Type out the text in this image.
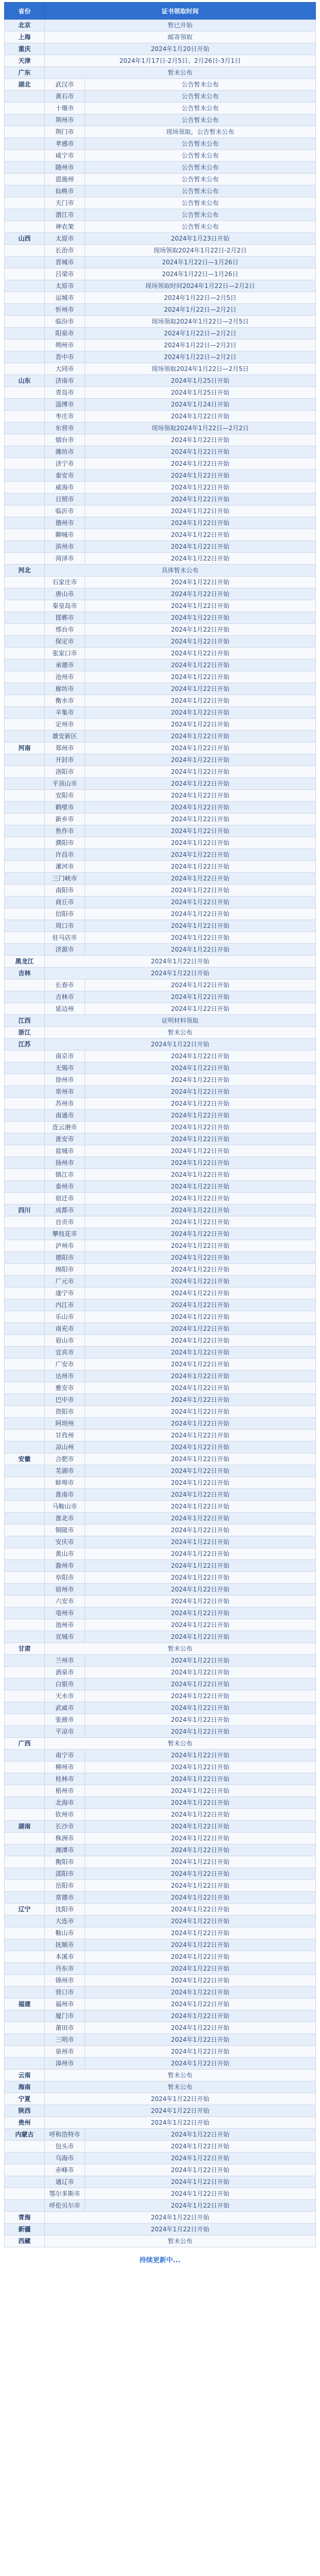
省份	证书领取时间	
北京	暂已开始	
上海	邮寄领取	
重庆	2024年1月20日开始	
天津	2024年1月17日-2月5日、2月26日-3月1日	
广东	暂未公布	
湖北	武汉市	公告暂未公布
	黄石市	公告暂未公布
	十堰市	公告暂未公布
	荆州市	公告暂未公布
	荆门市	现场领取，公告暂未公布
	孝感市	公告暂未公布
	咸宁市	公告暂未公布
	随州市	公告暂未公布
	恩施州	公告暂未公布
	仙桃市	公告暂未公布
	天门市	公告暂未公布
	潜江市	公告暂未公布
	神农架	公告暂未公布
山西	太原市	2024年1月23日开始
	长治市	现场领取2024年1月22日-2月2日
	晋城市	2024年1月22日—1月26日
	吕梁市	2024年1月22日—1月26日
	太原市	现场领取时间2024年1月22日—2月2日
	运城市	2024年1月22日—2月5日
	忻州市	2024年1月22日—2月2日
	临汾市	现场领取2024年1月22日—2月5日
	阳泉市	2024年1月22日—2月2日
	朔州市	2024年1月22日—2月2日
	晋中市	2024年1月22日—2月2日
	大同市	现场领取2024年1月22日—2月5日
山东	济南市	2024年1月25日开始
	青岛市	2024年1月25日开始
	淄博市	2024年1月24日开始
	枣庄市	2024年1月22日开始
	东营市	现场领取2024年1月22日—2月2日
	烟台市	2024年1月22日开始
	潍坊市	2024年1月22日开始
	济宁市	2024年1月22日开始
	泰安市	2024年1月22日开始
	威海市	2024年1月22日开始
	日照市	2024年1月22日开始
	临沂市	2024年1月22日开始
	德州市	2024年1月22日开始
	聊城市	2024年1月22日开始
	滨州市	2024年1月22日开始
	菏泽市	2024年1月22日开始
河北	具体暂未公布	
	石家庄市	2024年1月22日开始
	唐山市	2024年1月22日开始
	秦皇岛市	2024年1月22日开始
	邯郸市	2024年1月22日开始
	邢台市	2024年1月22日开始
	保定市	2024年1月22日开始
	张家口市	2024年1月22日开始
	承德市	2024年1月22日开始
	沧州市	2024年1月22日开始
	廊坊市	2024年1月22日开始
	衡水市	2024年1月22日开始
	辛集市	2024年1月22日开始
	定州市	2024年1月22日开始
	雄安新区	2024年1月22日开始
河南	郑州市	2024年1月22日开始
	开封市	2024年1月22日开始
	洛阳市	2024年1月22日开始
	平顶山市	2024年1月22日开始
	安阳市	2024年1月22日开始
	鹤壁市	2024年1月22日开始
	新乡市	2024年1月22日开始
	焦作市	2024年1月22日开始
	濮阳市	2024年1月22日开始
	许昌市	2024年1月22日开始
	漯河市	2024年1月22日开始
	三门峡市	2024年1月22日开始
	南阳市	2024年1月22日开始
	商丘市	2024年1月22日开始
	信阳市	2024年1月22日开始
	周口市	2024年1月22日开始
	驻马店市	2024年1月22日开始
	济源市	2024年1月22日开始
黑龙江	2024年1月22日开始	
吉林	2024年1月22日开始	
	长春市	2024年1月22日开始
	吉林市	2024年1月22日开始
	延边州	2024年1月22日开始
江西	证明材料领取	
浙江	暂未公布	
江苏	2024年1月22日开始	
	南京市	2024年1月22日开始
	无锡市	2024年1月22日开始
	徐州市	2024年1月22日开始
	常州市	2024年1月22日开始
	苏州市	2024年1月22日开始
	南通市	2024年1月22日开始
	连云港市	2024年1月22日开始
	淮安市	2024年1月22日开始
	盐城市	2024年1月22日开始
	扬州市	2024年1月22日开始
	镇江市	2024年1月22日开始
	泰州市	2024年1月22日开始
	宿迁市	2024年1月22日开始
四川	成都市	2024年1月22日开始
	自贡市	2024年1月22日开始
	攀枝花市	2024年1月22日开始
	泸州市	2024年1月22日开始
	德阳市	2024年1月22日开始
	绵阳市	2024年1月22日开始
	广元市	2024年1月22日开始
	遂宁市	2024年1月22日开始
	内江市	2024年1月22日开始
	乐山市	2024年1月22日开始
	南充市	2024年1月22日开始
	眉山市	2024年1月22日开始
	宜宾市	2024年1月22日开始
	广安市	2024年1月22日开始
	达州市	2024年1月22日开始
	雅安市	2024年1月22日开始
	巴中市	2024年1月22日开始
	资阳市	2024年1月22日开始
	阿坝州	2024年1月22日开始
	甘孜州	2024年1月22日开始
	凉山州	2024年1月22日开始
安徽	合肥市	2024年1月22日开始
	芜湖市	2024年1月22日开始
	蚌埠市	2024年1月22日开始
	淮南市	2024年1月22日开始
	马鞍山市	2024年1月22日开始
	淮北市	2024年1月22日开始
	铜陵市	2024年1月22日开始
	安庆市	2024年1月22日开始
	黄山市	2024年1月22日开始
	滁州市	2024年1月22日开始
	阜阳市	2024年1月22日开始
	宿州市	2024年1月22日开始
	六安市	2024年1月22日开始
	亳州市	2024年1月22日开始
	池州市	2024年1月22日开始
	宣城市	2024年1月22日开始
甘肃	暂未公布	
	兰州市	2024年1月22日开始
	酒泉市	2024年1月22日开始
	白银市	2024年1月22日开始
	天水市	2024年1月22日开始
	武威市	2024年1月22日开始
	张掖市	2024年1月22日开始
	平凉市	2024年1月22日开始
广西	暂未公布	
	南宁市	2024年1月22日开始
	柳州市	2024年1月22日开始
	桂林市	2024年1月22日开始
	梧州市	2024年1月22日开始
	北海市	2024年1月22日开始
	钦州市	2024年1月22日开始
湖南	长沙市	2024年1月22日开始
	株洲市	2024年1月22日开始
	湘潭市	2024年1月22日开始
	衡阳市	2024年1月22日开始
	邵阳市	2024年1月22日开始
	岳阳市	2024年1月22日开始
	常德市	2024年1月22日开始
辽宁	沈阳市	2024年1月22日开始
	大连市	2024年1月22日开始
	鞍山市	2024年1月22日开始
	抚顺市	2024年1月22日开始
	本溪市	2024年1月22日开始
	丹东市	2024年1月22日开始
	锦州市	2024年1月22日开始
	营口市	2024年1月22日开始
福建	福州市	2024年1月22日开始
	厦门市	2024年1月22日开始
	莆田市	2024年1月22日开始
	三明市	2024年1月22日开始
	泉州市	2024年1月22日开始
	漳州市	2024年1月22日开始
云南	暂未公布	
海南	暂未公布	
宁夏	2024年1月22日开始	
陕西	2024年1月22日开始	
贵州	2024年1月22日开始	
内蒙古	呼和浩特市	2024年1月22日开始
	包头市	2024年1月22日开始
	乌海市	2024年1月22日开始
	赤峰市	2024年1月22日开始
	通辽市	2024年1月22日开始
	鄂尔多斯市	2024年1月22日开始
	呼伦贝尔市	2024年1月22日开始
青海	2024年1月22日开始	
新疆	2024年1月22日开始	
西藏	暂未公布	
持续更新中...
